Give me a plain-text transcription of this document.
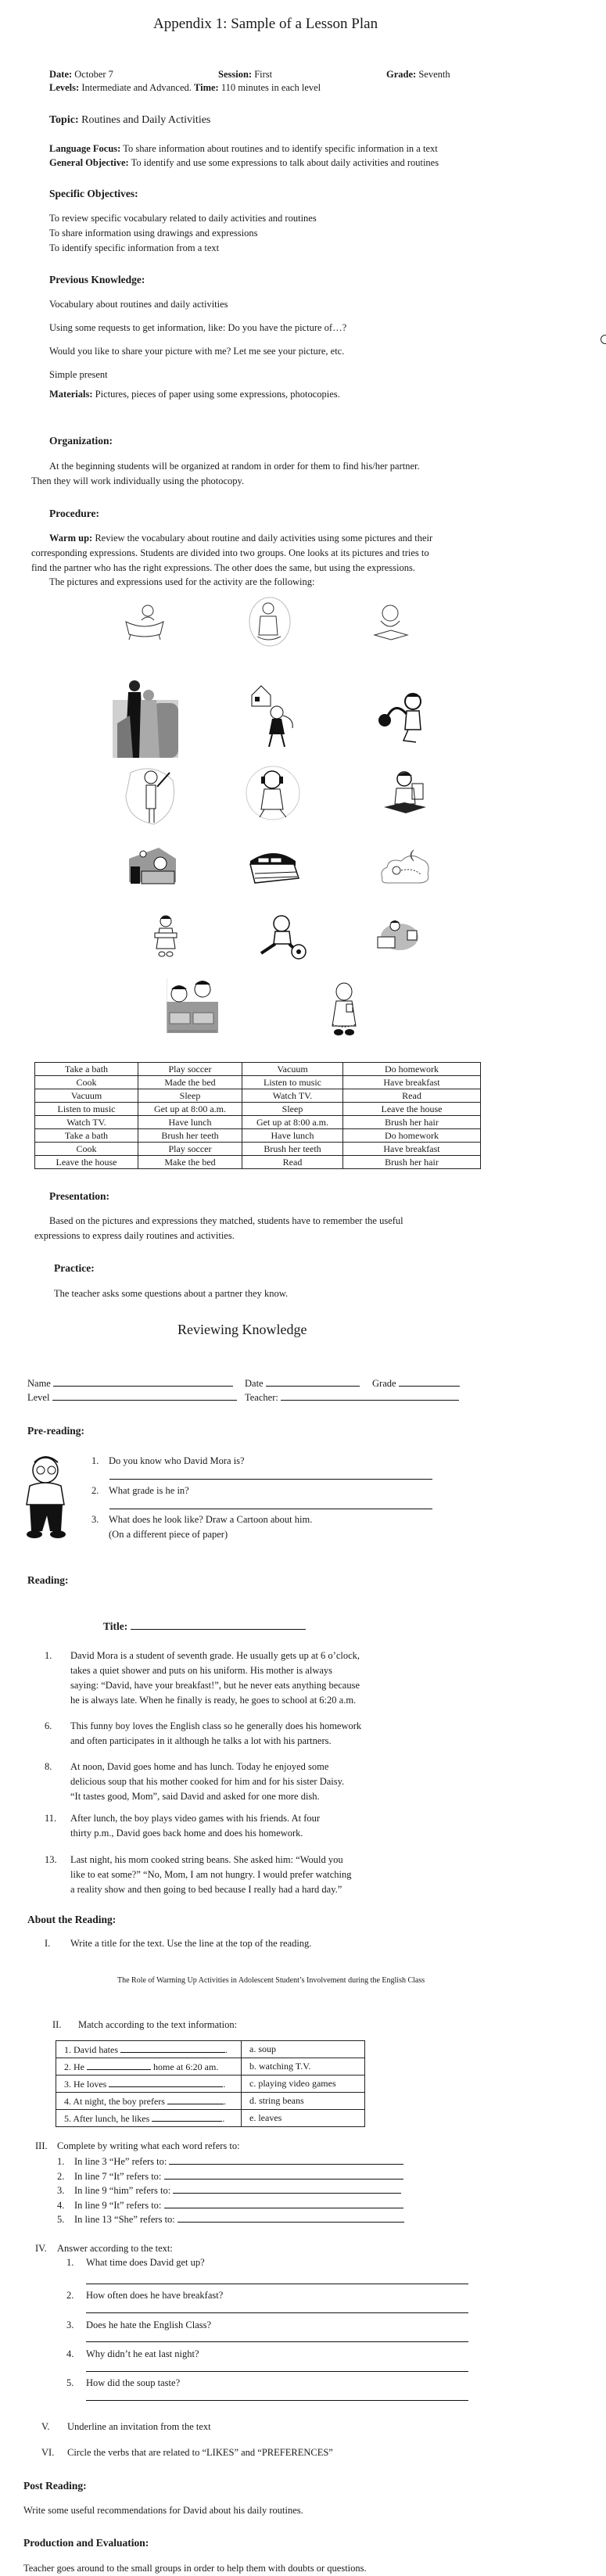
Appendix 1: Sample of a Lesson Plan
Date: October 7	Session: First	Grade: Seventh
Levels: Intermediate and Advanced. Time: 110 minutes in each level
Topic: Routines and Daily Activities
Language Focus: To share information about routines and to identify specific information in a text
General Objective: To identify and use some expressions to talk about daily activities and routines
Specific Objectives:
To review specific vocabulary related to daily activities and routines
To share information using drawings and expressions
To identify specific information from a text
Previous Knowledge:
Vocabulary about routines and daily activities
Using some requests to get information, like: Do you have the picture of…?
Would you like to share your picture with me? Let me see your picture, etc.
Simple present
Materials: Pictures, pieces of paper using some expressions, photocopies.
Organization:
At the beginning students will be organized at random in order for them to find his/her partner.
Then they will work individually using the photocopy.
Procedure:
Warm up: Review the vocabulary about routine and daily activities using some pictures and their
corresponding expressions. Students are divided into two groups. One looks at its pictures and tries to
find the partner who has the right expressions. The other does the same, but using the expressions.
The pictures and expressions used for the activity are the following:
Take a bath	Play soccer	Vacuum	Do homework
Cook	Made the bed	Listen to music	Have breakfast
Vacuum	Sleep	Watch TV.	Read
Listen to music	Get up at 8:00 a.m.	Sleep	Leave the house
Watch TV.	Have lunch	Get up at 8:00 a.m.	Brush her hair
Take a bath	Brush her teeth	Have lunch	Do homework
Cook	Play soccer	Brush her teeth	Have breakfast
Leave the house	Make the bed	Read	Brush her hair
Presentation:
Based on the pictures and expressions they matched, students have to remember the useful
expressions to express daily routines and activities.
Practice:
The teacher asks some questions about a partner they know.
Reviewing Knowledge
Name	Date	Grade
Level	Teacher:
Pre-reading:
1. Do you know who David Mora is?
2. What grade is he in?
3. What does he look like? Draw a Cartoon about him.
(On a different piece of paper)
Reading:
Title:
1. David Mora is a student of seventh grade. He usually gets up at 6 o’clock,
takes a quiet shower and puts on his uniform. His mother is always
saying: “David, have your breakfast!”, but he never eats anything because
he is always late. When he finally is ready, he goes to school at 6:20 a.m.
6. This funny boy loves the English class so he generally does his homework
and often participates in it although he talks a lot with his partners.
8. At noon, David goes home and has lunch. Today he enjoyed some
delicious soup that his mother cooked for him and for his sister Daisy.
“It tastes good, Mom”, said David and asked for one more dish.
11. After lunch, the boy plays video games with his friends. At four
thirty p.m., David goes back home and does his homework.
13. Last night, his mom cooked string beans. She asked him: “Would you
like to eat some?” “No, Mom, I am not hungry. I would prefer watching
a reality show and then going to bed because I really had a hard day.”
About the Reading:
I. Write a title for the text. Use the line at the top of the reading.
The Role of Warming Up Activities in Adolescent Student’s Involvement during the English Class
II. Match according to the text information:
1. David hates .	a. soup
2. He home at 6:20 am.	b. watching T.V.
3. He loves .	c. playing video games
4. At night, the boy prefers .	d. string beans
5. After lunch, he likes .	e. leaves
III. Complete by writing what each word refers to:
1. In line 3 “He” refers to:
2. In line 7 “It” refers to:
3. In line 9 “him” refers to:
4. In line 9 “It” refers to:
5. In line 13 “She” refers to:
IV. Answer according to the text:
1. What time does David get up?
2. How often does he have breakfast?
3. Does he hate the English Class?
4. Why didn’t he eat last night?
5. How did the soup taste?
V. Underline an invitation from the text
VI. Circle the verbs that are related to “LIKES” and “PREFERENCES”
Post Reading:
Write some useful recommendations for David about his daily routines.
Production and Evaluation:
Teacher goes around to the small groups in order to help them with doubts or questions.
